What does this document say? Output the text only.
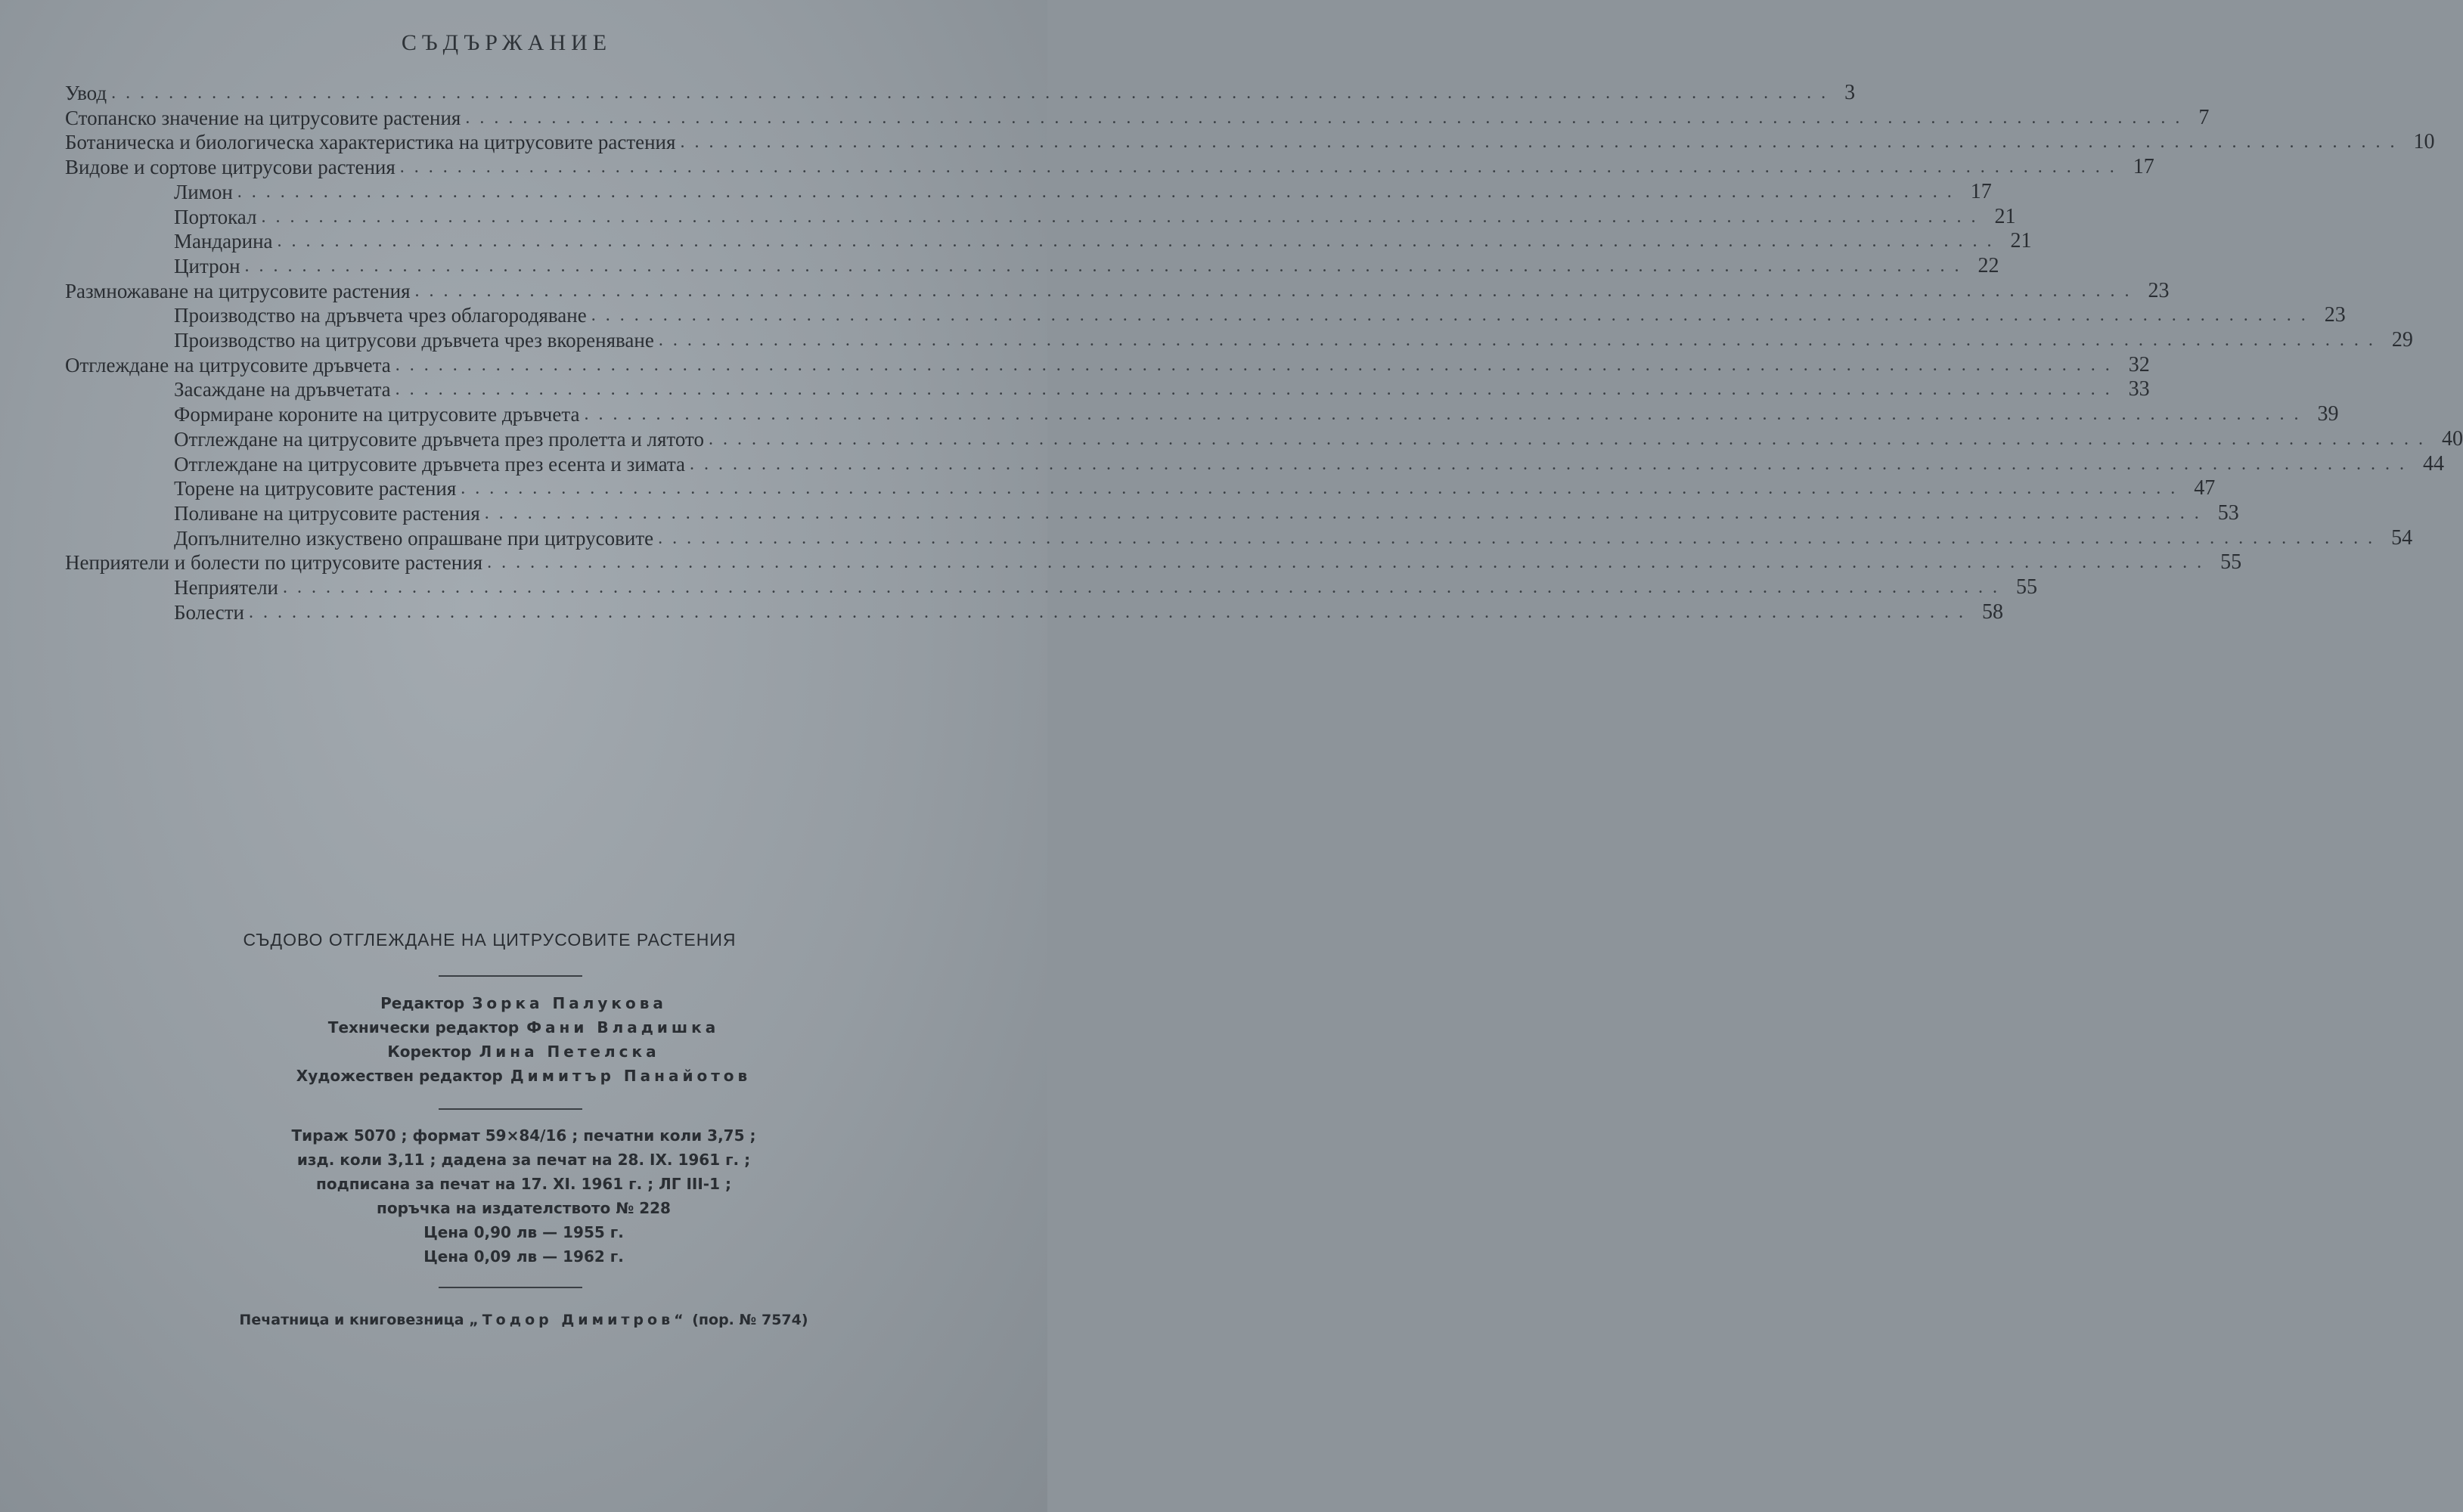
СЪДЪРЖАНИЕ
Увод ........................................................................................................................ 3
Стопанско значение на цитрусовите растения ........................................................................................................................ 7
Ботаническа и биологическа характеристика на цитрусовите растения ........................................................................................................................ 10
Видове и сортове цитрусови растения ........................................................................................................................ 17
Лимон ........................................................................................................................ 17
Портокал ........................................................................................................................ 21
Мандарина ........................................................................................................................ 21
Цитрон ........................................................................................................................ 22
Размножаване на цитрусовите растения ........................................................................................................................ 23
Производство на дръвчета чрез облагородяване ........................................................................................................................ 23
Производство на цитрусови дръвчета чрез вкореняване ........................................................................................................................ 29
Отглеждане на цитрусовите дръвчета ........................................................................................................................ 32
Засаждане на дръвчетата ........................................................................................................................ 33
Формиране короните на цитрусовите дръвчета ........................................................................................................................ 39
Отглеждане на цитрусовите дръвчета през пролетта и лятото ........................................................................................................................ 40
Отглеждане на цитрусовите дръвчета през есента и зимата ........................................................................................................................ 44
Торене на цитрусовите растения ........................................................................................................................ 47
Поливане на цитрусовите растения ........................................................................................................................ 53
Допълнително изкуствено опрашване при цитрусовите ........................................................................................................................ 54
Неприятели и болести по цитрусовите растения ........................................................................................................................ 55
Неприятели ........................................................................................................................ 55
Болести ........................................................................................................................ 58
СЪДОВО ОТГЛЕЖДАНЕ НА ЦИТРУСОВИТЕ РАСТЕНИЯ
Редактор Зорка Палукова
Технически редактор Фани Владишка
Коректор Лина Петелска
Художествен редактор Димитър Панайотов
Тираж 5070 ; формат 59×84/16 ; печатни коли 3,75 ;
изд. коли 3,11 ; дадена за печат на 28. IX. 1961 г. ;
подписана за печат на 17. XI. 1961 г. ; ЛГ III-1 ;
поръчка на издателството № 228
Цена 0,90 лв — 1955 г.
Цена 0,09 лв — 1962 г.
Печатница и книговезница „Тодор Димитров“ (пор. № 7574)
